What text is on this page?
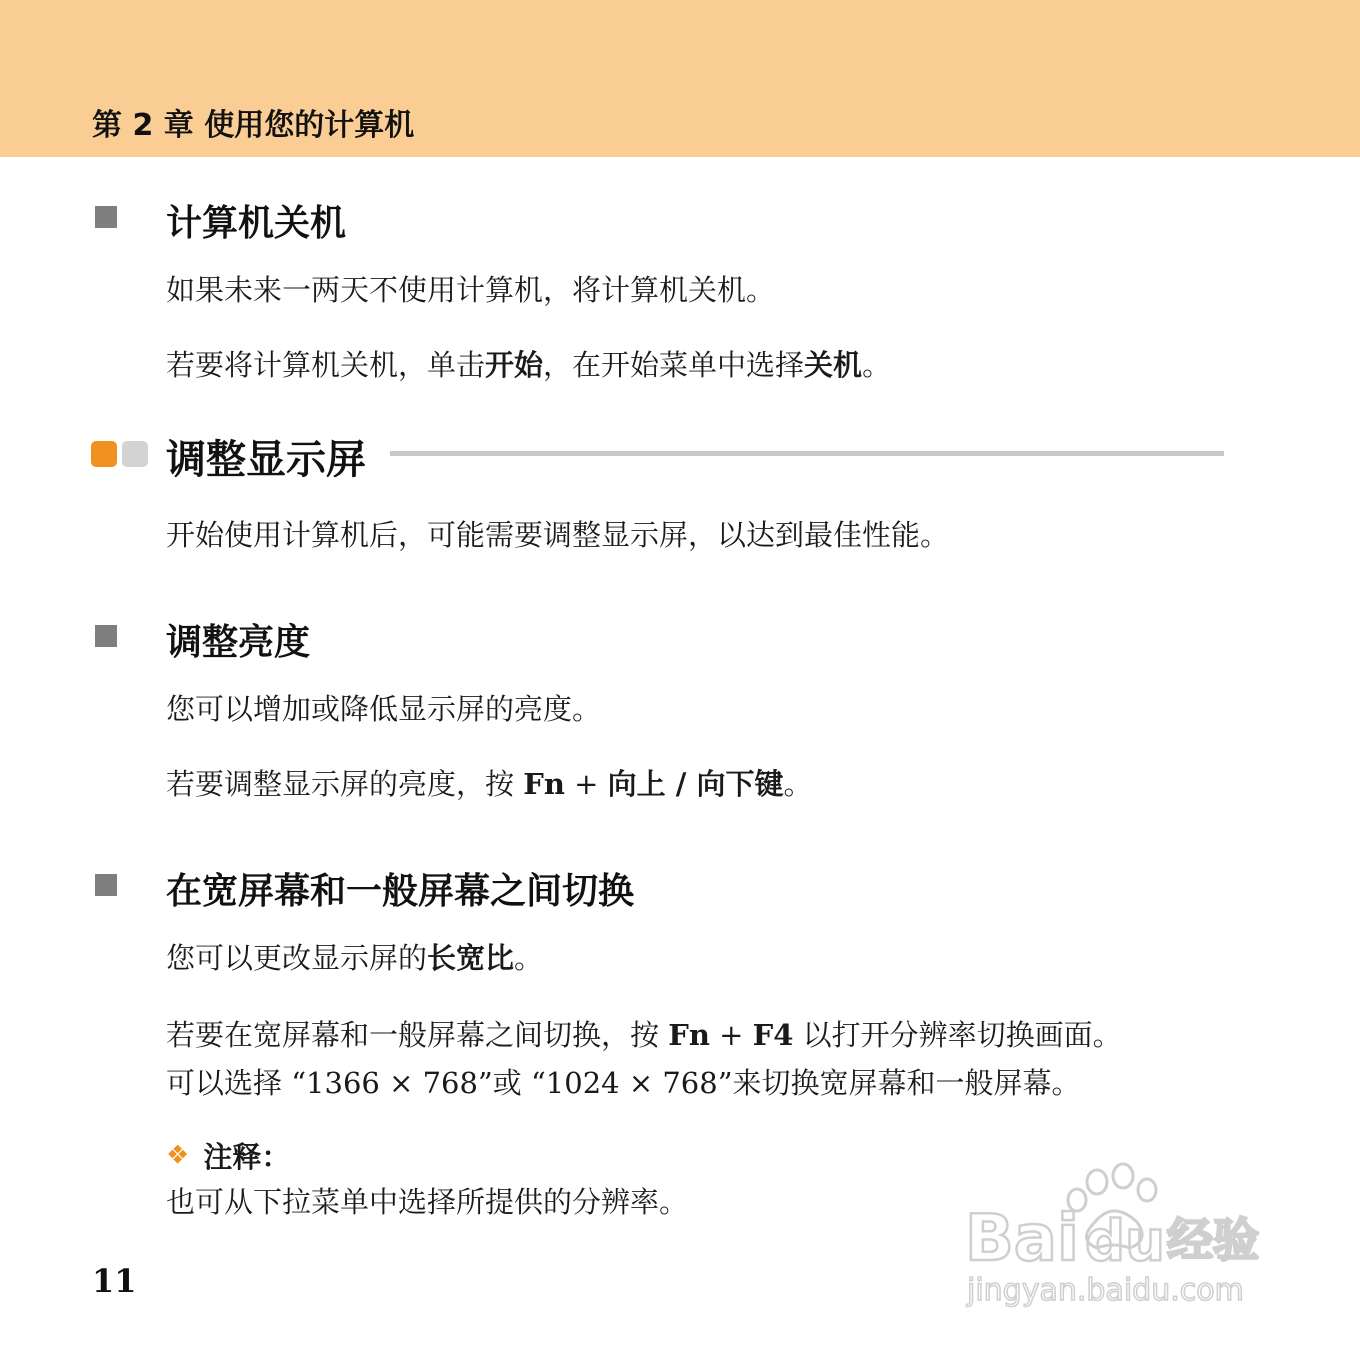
第 2 章 使用您的计算机
计算机关机
如果未来一两天不使用计算机，将计算机关机。
若要将计算机关机，单击开始，在开始菜单中选择关机。
调整显示屏
开始使用计算机后，可能需要调整显示屏，以达到最佳性能。
调整亮度
您可以增加或降低显示屏的亮度。
若要调整显示屏的亮度，按 Fn + 向上 / 向下键。
在宽屏幕和一般屏幕之间切换
您可以更改显示屏的长宽比。
若要在宽屏幕和一般屏幕之间切换，按 Fn + F4 以打开分辨率切换画面。
可以选择 “1366 × 768”或 “1024 × 768”来切换宽屏幕和一般屏幕。
❖ 注释：
也可从下拉菜单中选择所提供的分辨率。
11
Bai du 经验
jingyan.baidu.com
